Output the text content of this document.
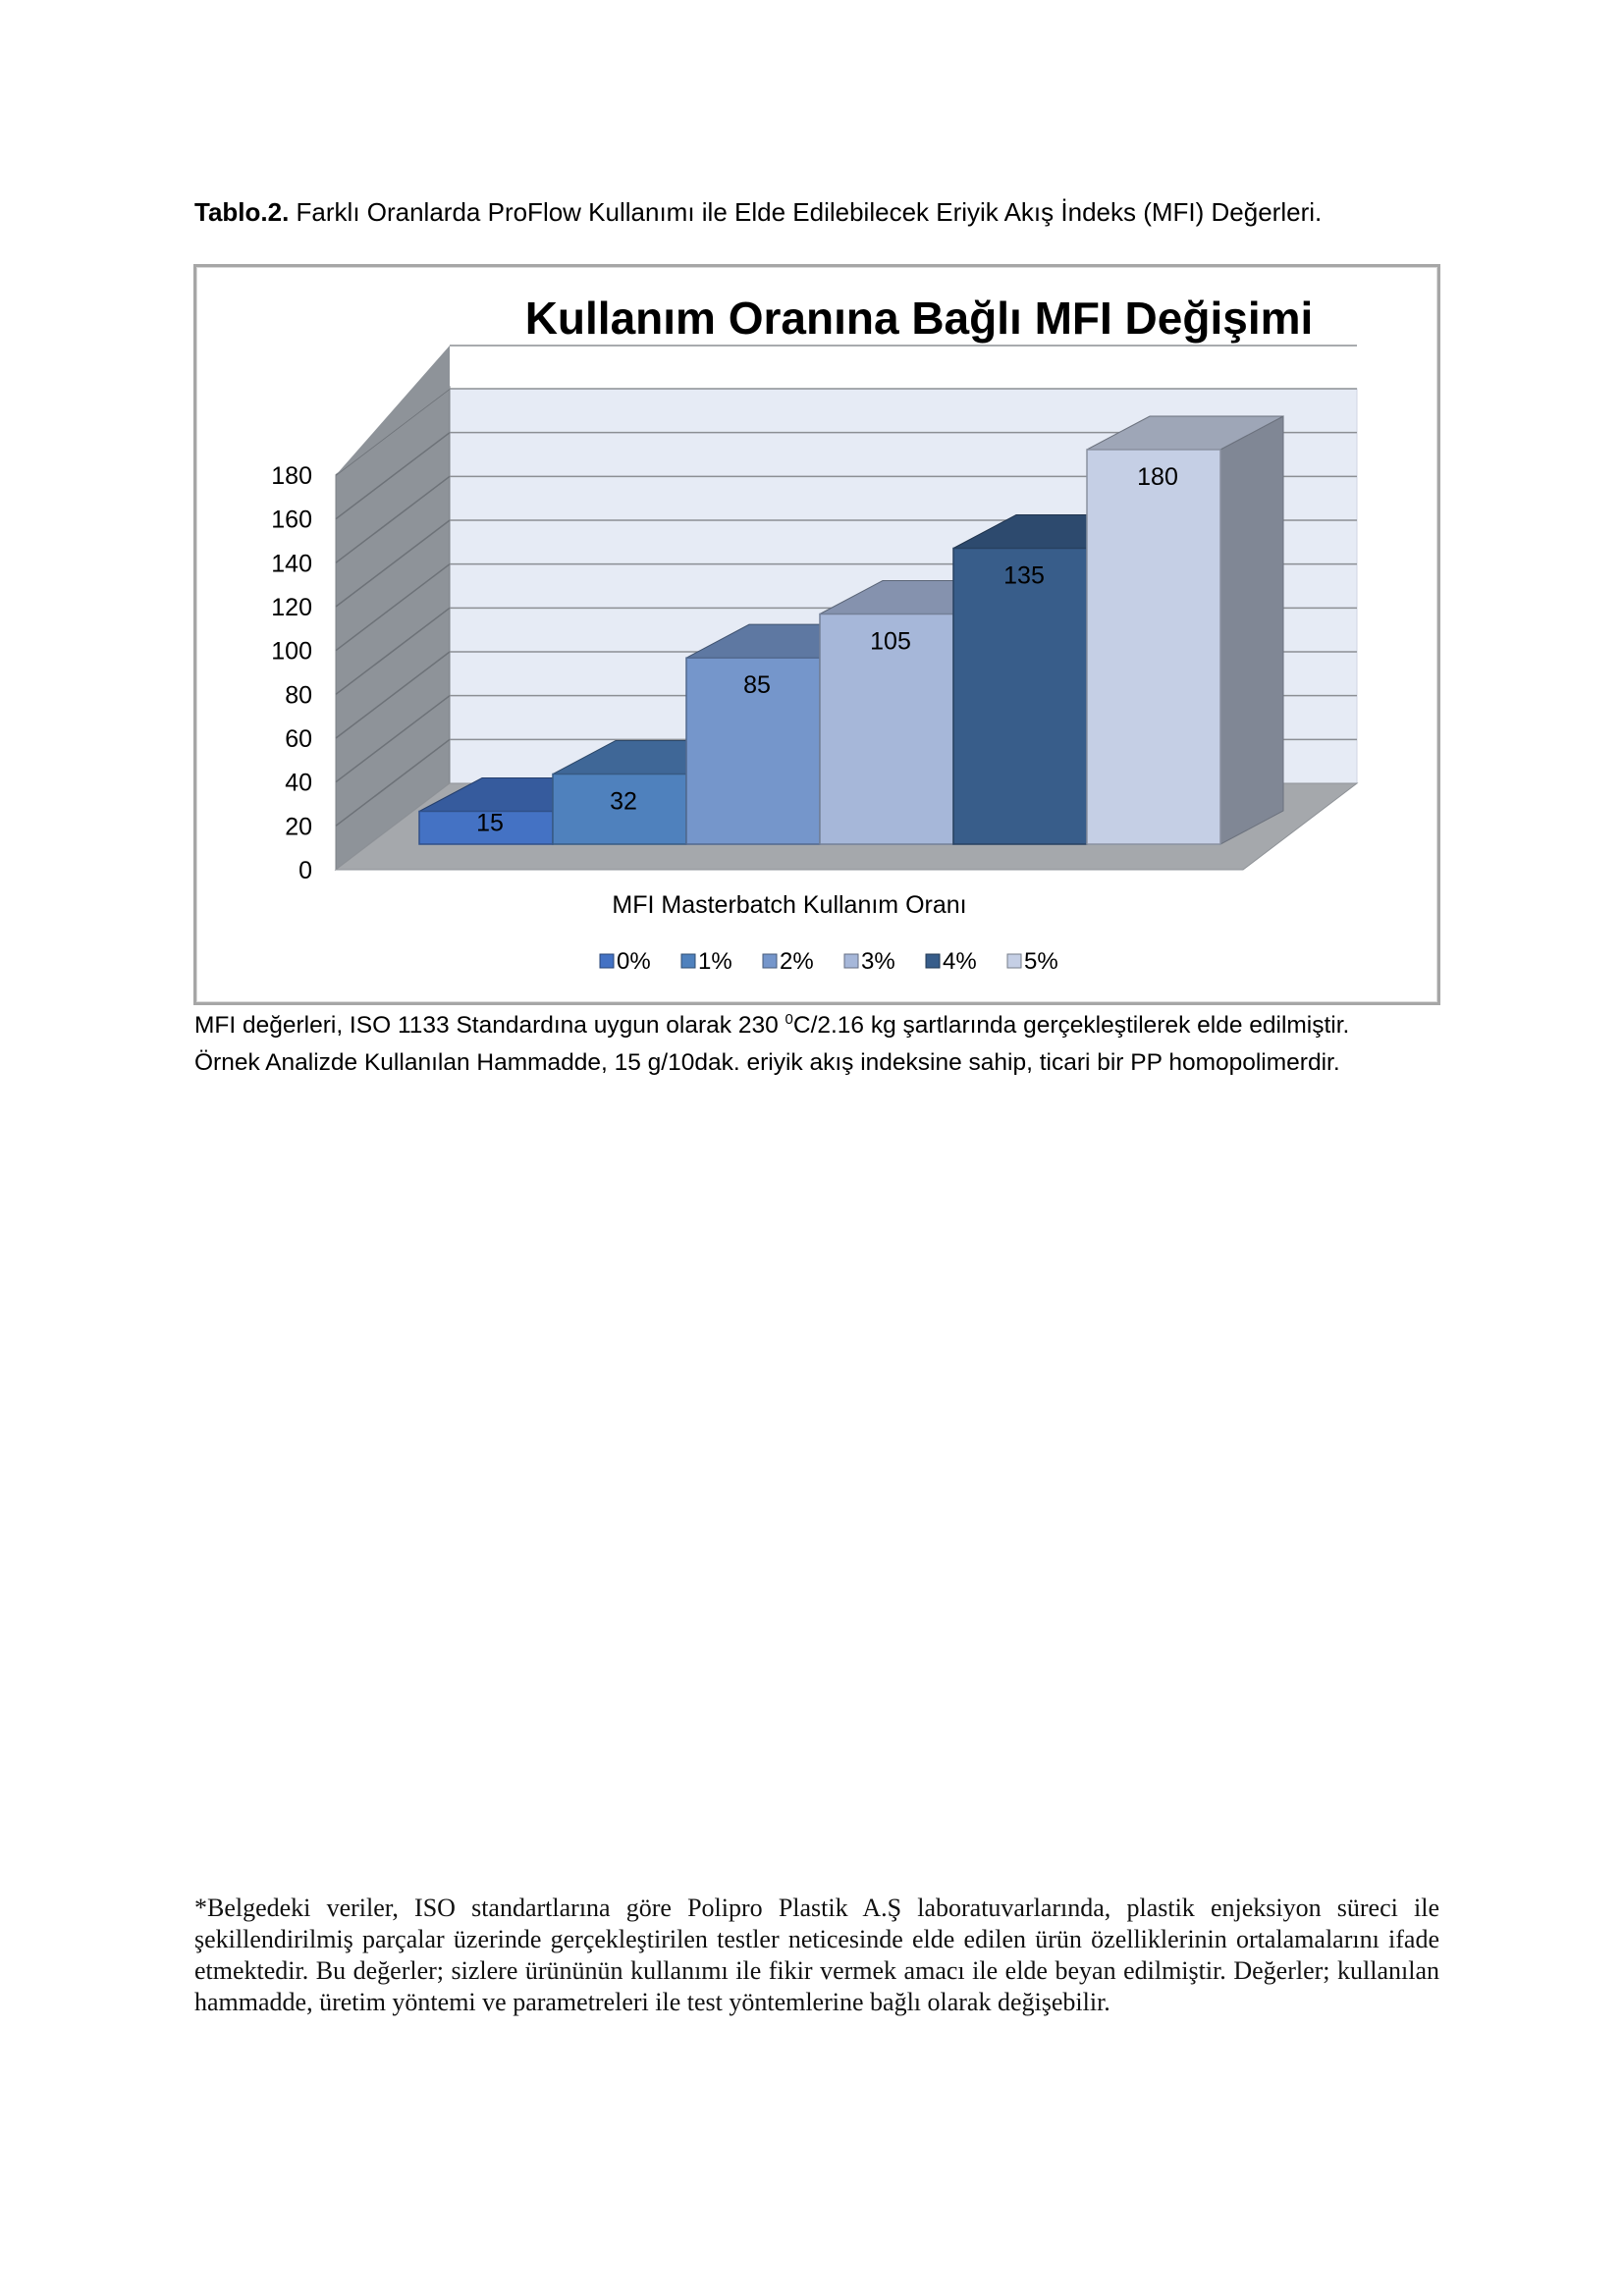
Tablo.2. Farklı Oranlarda ProFlow Kullanımı ile Elde Edilebilecek Eriyik Akış İndeks (MFI) Değerleri.
Kullanım Oranına Bağlı MFI Değişimi
0
20
40
60
80
100
120
140
160
180
15
32
85
105
135
180
MFI Masterbatch Kullanım Oranı
0% 1% 2% 3% 4% 5%
MFI değerleri, ISO 1133 Standardına uygun olarak 230 $^0$C/2.16 kg şartlarında gerçekleştilerek elde edilmiştir.
Örnek Analizde Kullanılan Hammadde, 15 g/10dak. eriyik akış indeksine sahip, ticari bir PP homopolimerdir.
*Belgedeki veriler, ISO standartlarına göre Polipro Plastik A.Ş laboratuvarlarında, plastik enjeksiyon süreci ile şekillendirilmiş parçalar üzerinde gerçekleştirilen testler neticesinde elde edilen ürün özelliklerinin ortalamalarını ifade etmektedir. Bu değerler; sizlere ürününün kullanımı ile fikir vermek amacı ile elde beyan edilmiştir. Değerler; kullanılan hammadde, üretim yöntemi ve parametreleri ile test yöntemlerine bağlı olarak değişebilir.
